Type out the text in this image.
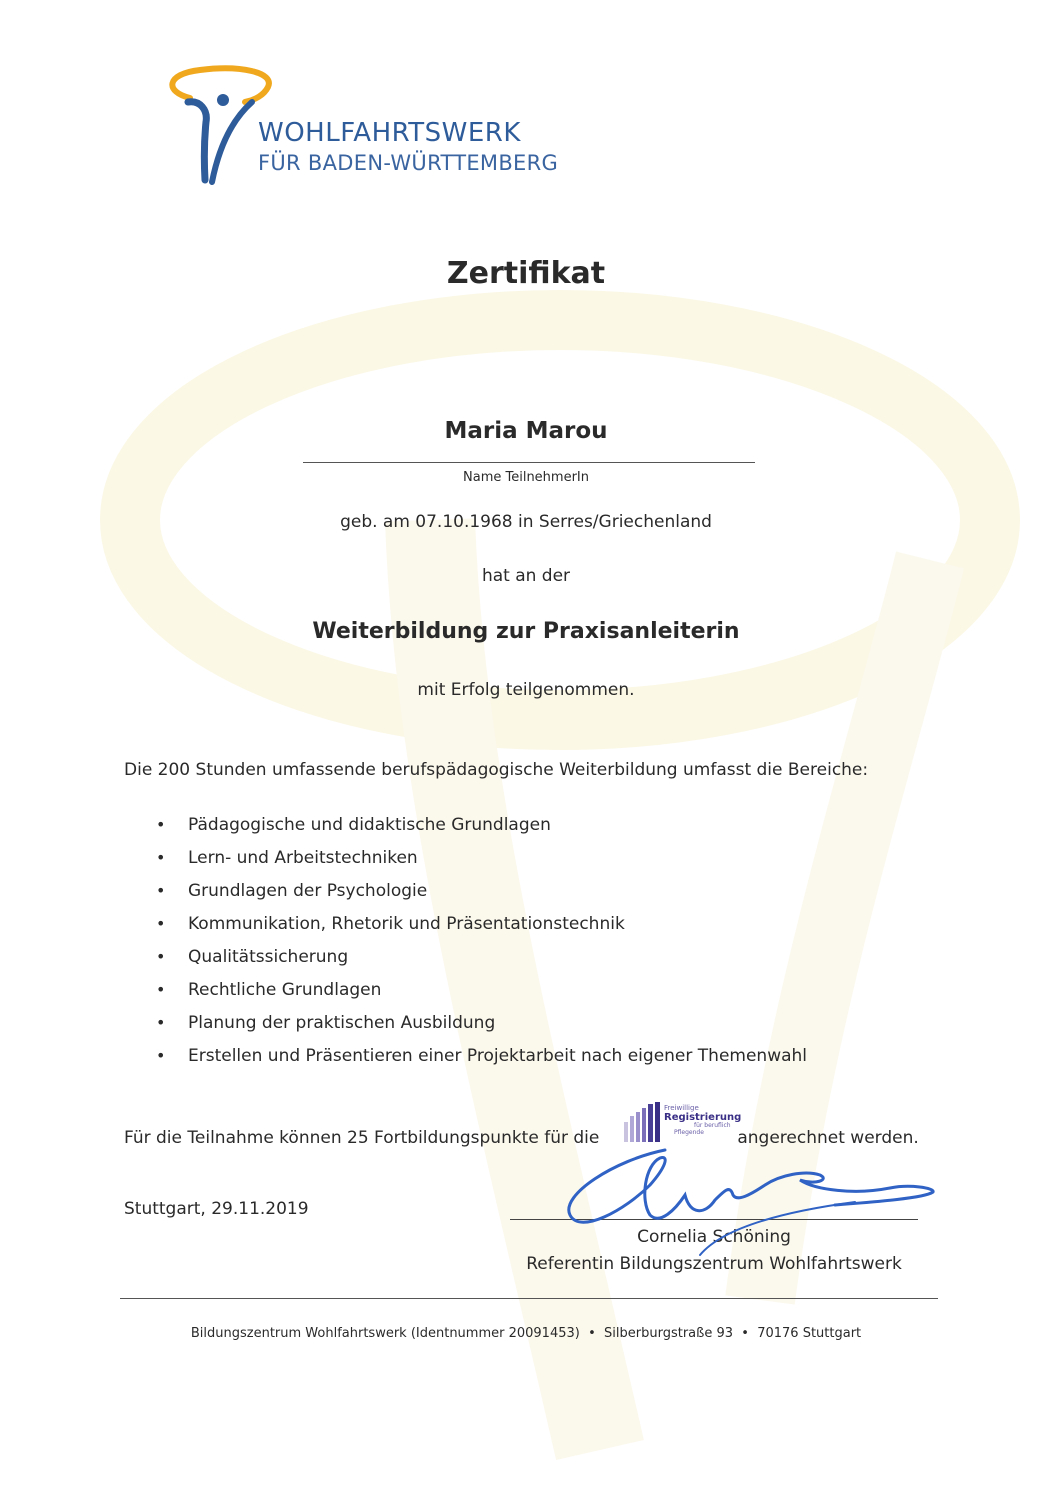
WOHLFAHRTSWERK
FÜR BADEN-WÜRTTEMBERG
Zertifikat
Maria Marou
Name TeilnehmerIn
geb. am 07.10.1968 in Serres/Griechenland
hat an der
Weiterbildung zur Praxisanleiterin
mit Erfolg teilgenommen.
Die 200 Stunden umfassende berufspädagogische Weiterbildung umfasst die Bereiche:
• Pädagogische und didaktische Grundlagen
• Lern- und Arbeitstechniken
• Grundlagen der Psychologie
• Kommunikation, Rhetorik und Präsentationstechnik
• Qualitätssicherung
• Rechtliche Grundlagen
• Planung der praktischen Ausbildung
• Erstellen und Präsentieren einer Projektarbeit nach eigener Themenwahl
Für die Teilnahme können 25 Fortbildungspunkte für die	angerechnet werden.
Freiwillige
Registrierung
für beruflich
Pflegende
Stuttgart, 29.11.2019
Cornelia Schöning
Referentin Bildungszentrum Wohlfahrtswerk
Bildungszentrum Wohlfahrtswerk (Identnummer 20091453)  •  Silberburgstraße 93  •  70176 Stuttgart
